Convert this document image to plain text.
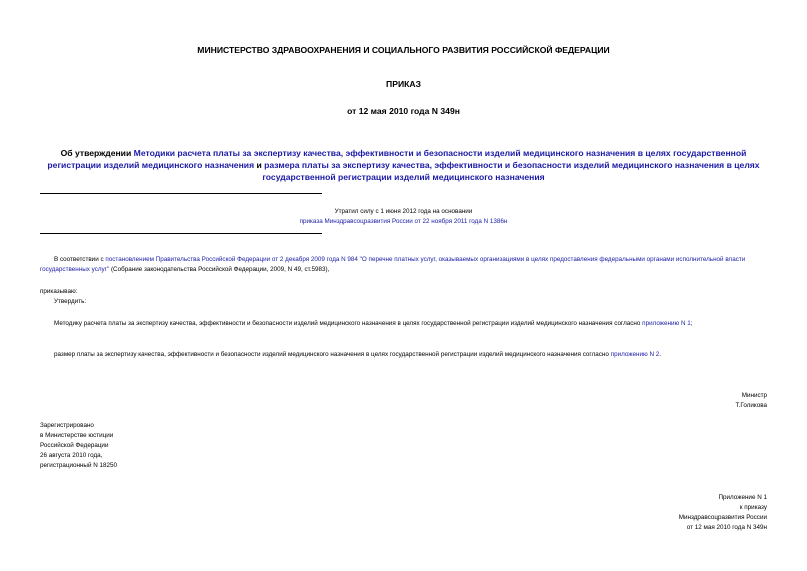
МИНИСТЕРСТВО ЗДРАВООХРАНЕНИЯ И СОЦИАЛЬНОГО РАЗВИТИЯ РОССИЙСКОЙ ФЕДЕРАЦИИ
ПРИКАЗ
от 12 мая 2010 года N 349н
Об утверждении Методики расчета платы за экспертизу качества, эффективности и безопасности изделий медицинского назначения в целях государственной регистрации изделий медицинского назначения и размера платы за экспертизу качества, эффективности и безопасности изделий медицинского назначения в целях государственной регистрации изделий медицинского назначения
Утратил силу с 1 июня 2012 года на основании
приказа Минздравсоцразвития России от 22 ноября 2011 года N 1386н
В соответствии с постановлением Правительства Российской Федерации от 2 декабря 2009 года N 984 "О перечне платных услуг, оказываемых организациями в целях предоставления федеральными органами исполнительной власти государственных услуг" (Собрание законодательства Российской Федерации, 2009, N 49, ст.5983),
приказываю:
Утвердить:
Методику расчета платы за экспертизу качества, эффективности и безопасности изделий медицинского назначения в целях государственной регистрации изделий медицинского назначения согласно приложению N 1;
размер платы за экспертизу качества, эффективности и безопасности изделий медицинского назначения в целях государственной регистрации изделий медицинского назначения согласно приложению N 2.
Министр
Т.Голикова
Зарегистрировано
в Министерстве юстиции
Российской Федерации
26 августа 2010 года,
регистрационный N 18250
Приложение N 1
к приказу
Минздравсоцразвития России
от 12 мая 2010 года N 349н
